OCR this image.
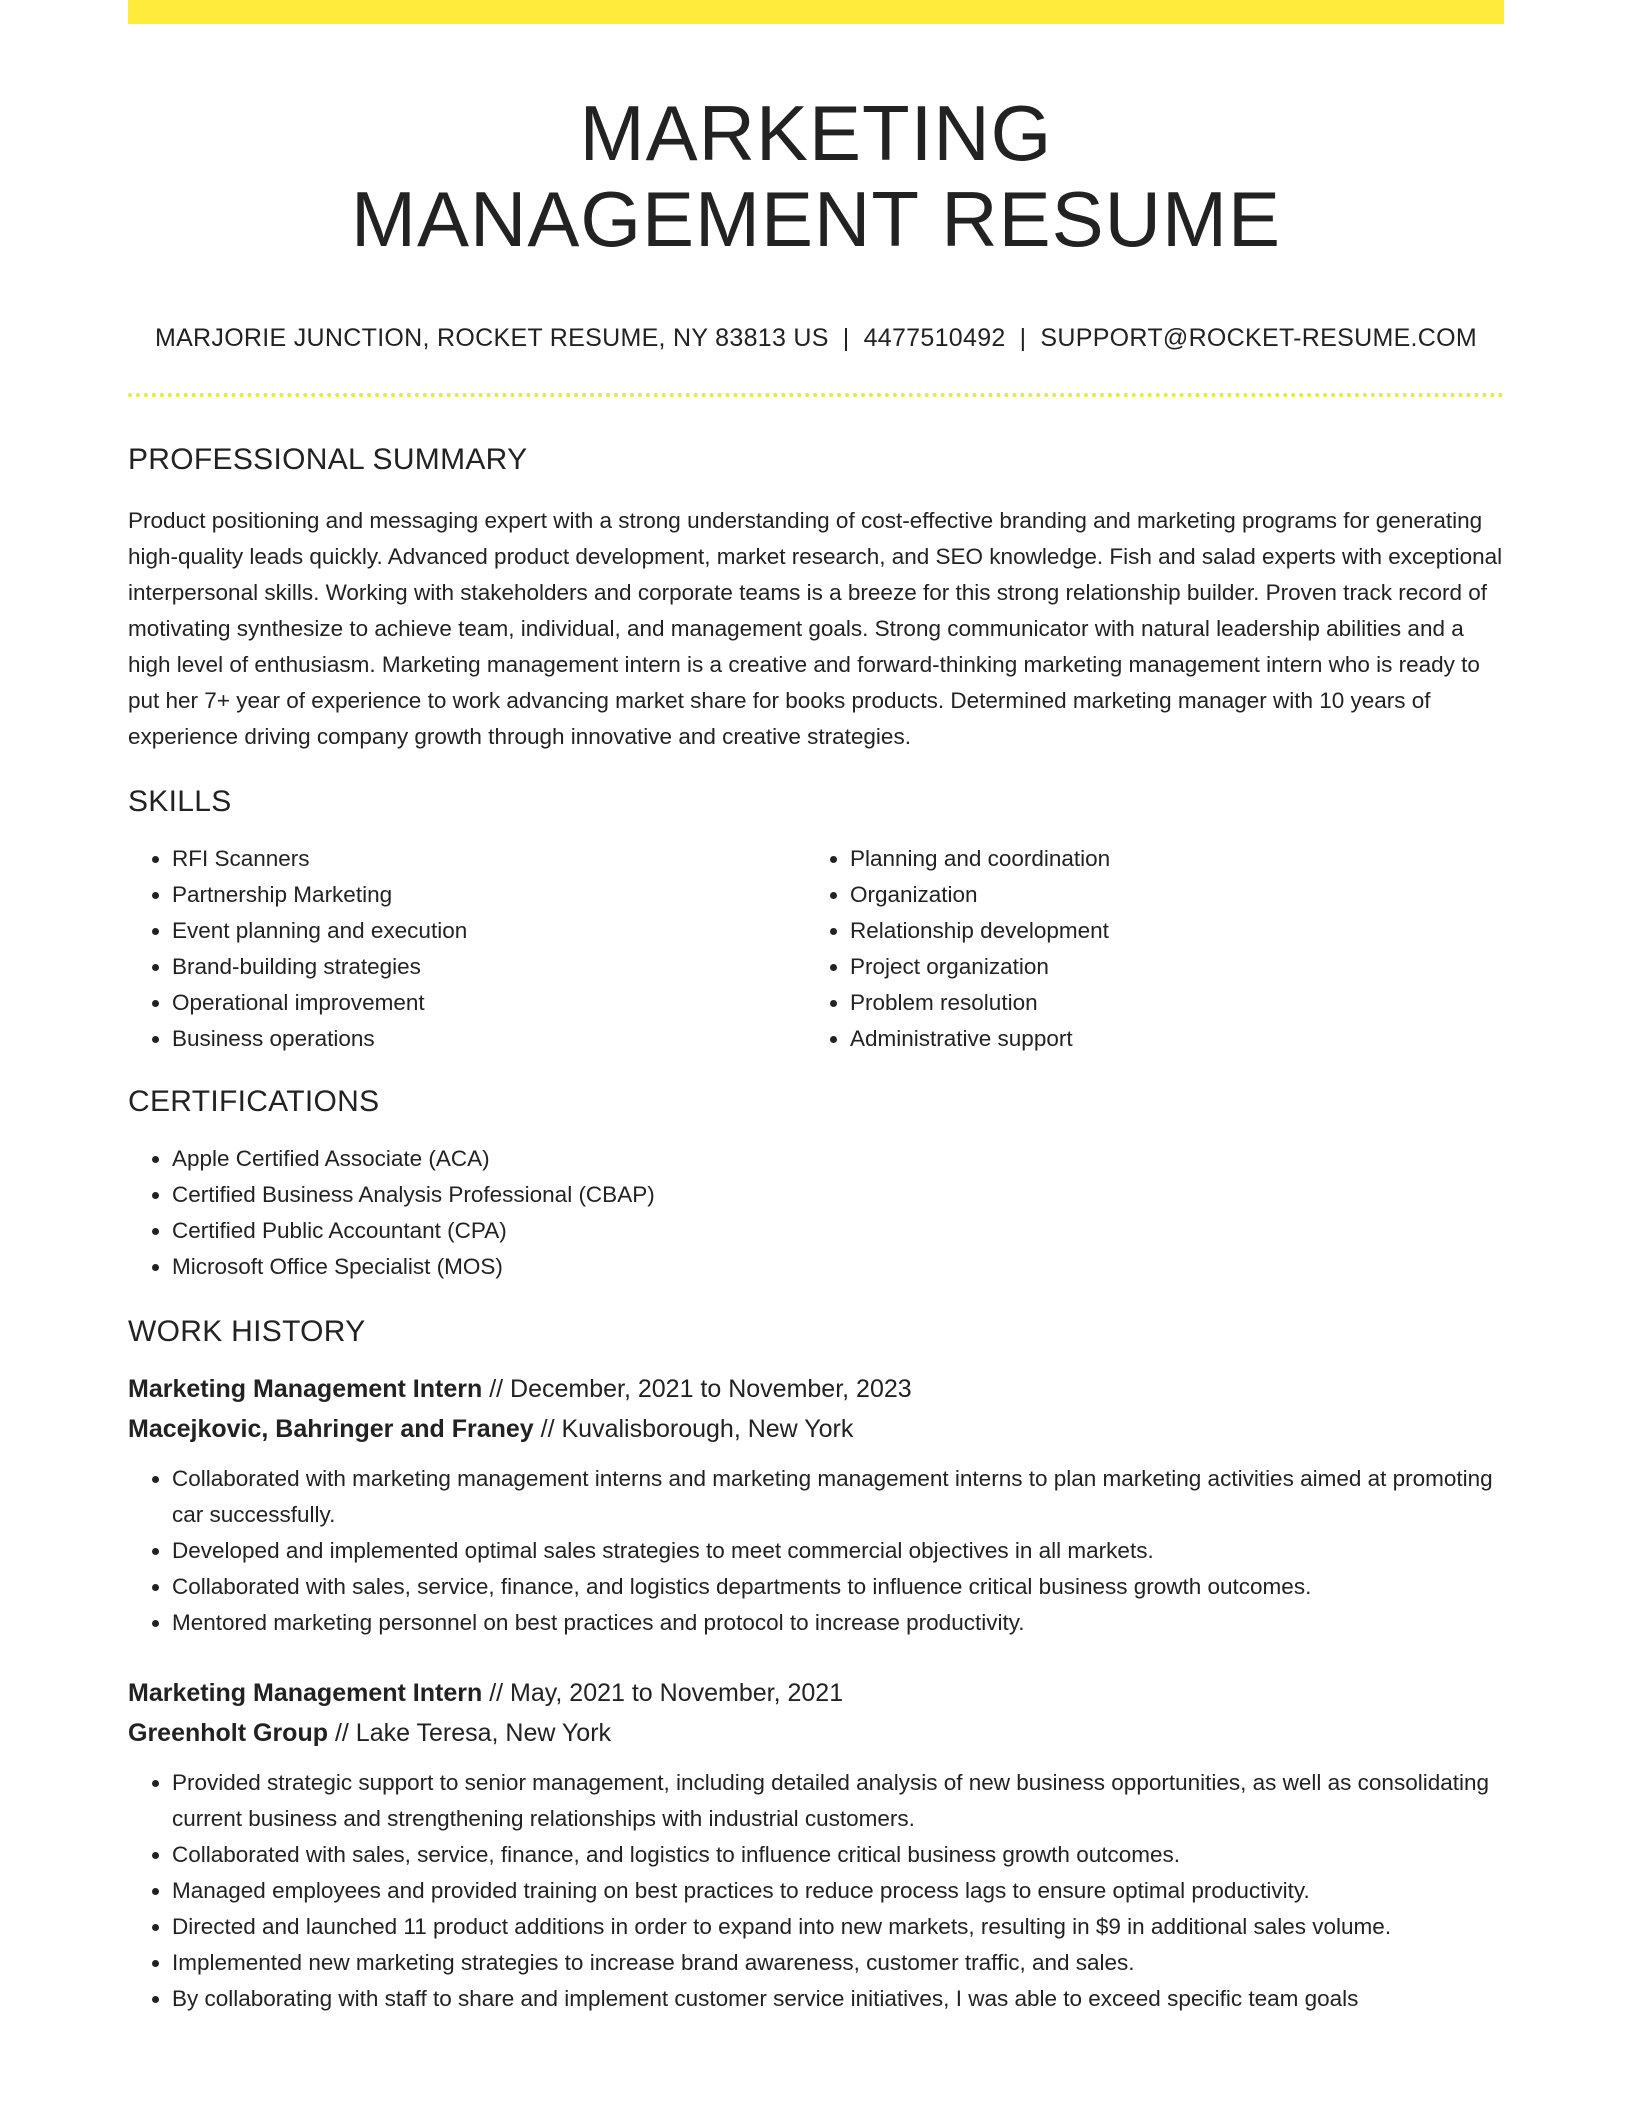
MARKETING
MANAGEMENT RESUME
MARJORIE JUNCTION, ROCKET RESUME, NY 83813 US | 4477510492 | SUPPORT@ROCKET-RESUME.COM
PROFESSIONAL SUMMARY

Product positioning and messaging expert with a strong understanding of cost-effective branding and marketing programs for generating high-quality leads quickly. Advanced product development, market research, and SEO knowledge. Fish and salad experts with exceptional interpersonal skills. Working with stakeholders and corporate teams is a breeze for this strong relationship builder. Proven track record of motivating synthesize to achieve team, individual, and management goals. Strong communicator with natural leadership abilities and a high level of enthusiasm. Marketing management intern is a creative and forward-thinking marketing management intern who is ready to put her 7+ year of experience to work advancing market share for books products. Determined marketing manager with 10 years of experience driving company growth through innovative and creative strategies.

SKILLS
• RFI Scanners
• Partnership Marketing
• Event planning and execution
• Brand-building strategies
• Operational improvement
• Business operations
• Planning and coordination
• Organization
• Relationship development
• Project organization
• Problem resolution
• Administrative support
CERTIFICATIONS
• Apple Certified Associate (ACA)
• Certified Business Analysis Professional (CBAP)
• Certified Public Accountant (CPA)
• Microsoft Office Specialist (MOS)
WORK HISTORY
Marketing Management Intern // December, 2021 to November, 2023
Macejkovic, Bahringer and Franey // Kuvalisborough, New York
• Collaborated with marketing management interns and marketing management interns to plan marketing activities aimed at promoting car successfully.
• Developed and implemented optimal sales strategies to meet commercial objectives in all markets.
• Collaborated with sales, service, finance, and logistics departments to influence critical business growth outcomes.
• Mentored marketing personnel on best practices and protocol to increase productivity.
Marketing Management Intern // May, 2021 to November, 2021
Greenholt Group // Lake Teresa, New York
• Provided strategic support to senior management, including detailed analysis of new business opportunities, as well as consolidating current business and strengthening relationships with industrial customers.
• Collaborated with sales, service, finance, and logistics to influence critical business growth outcomes.
• Managed employees and provided training on best practices to reduce process lags to ensure optimal productivity.
• Directed and launched 11 product additions in order to expand into new markets, resulting in $9 in additional sales volume.
• Implemented new marketing strategies to increase brand awareness, customer traffic, and sales.
• By collaborating with staff to share and implement customer service initiatives, I was able to exceed specific team goals
